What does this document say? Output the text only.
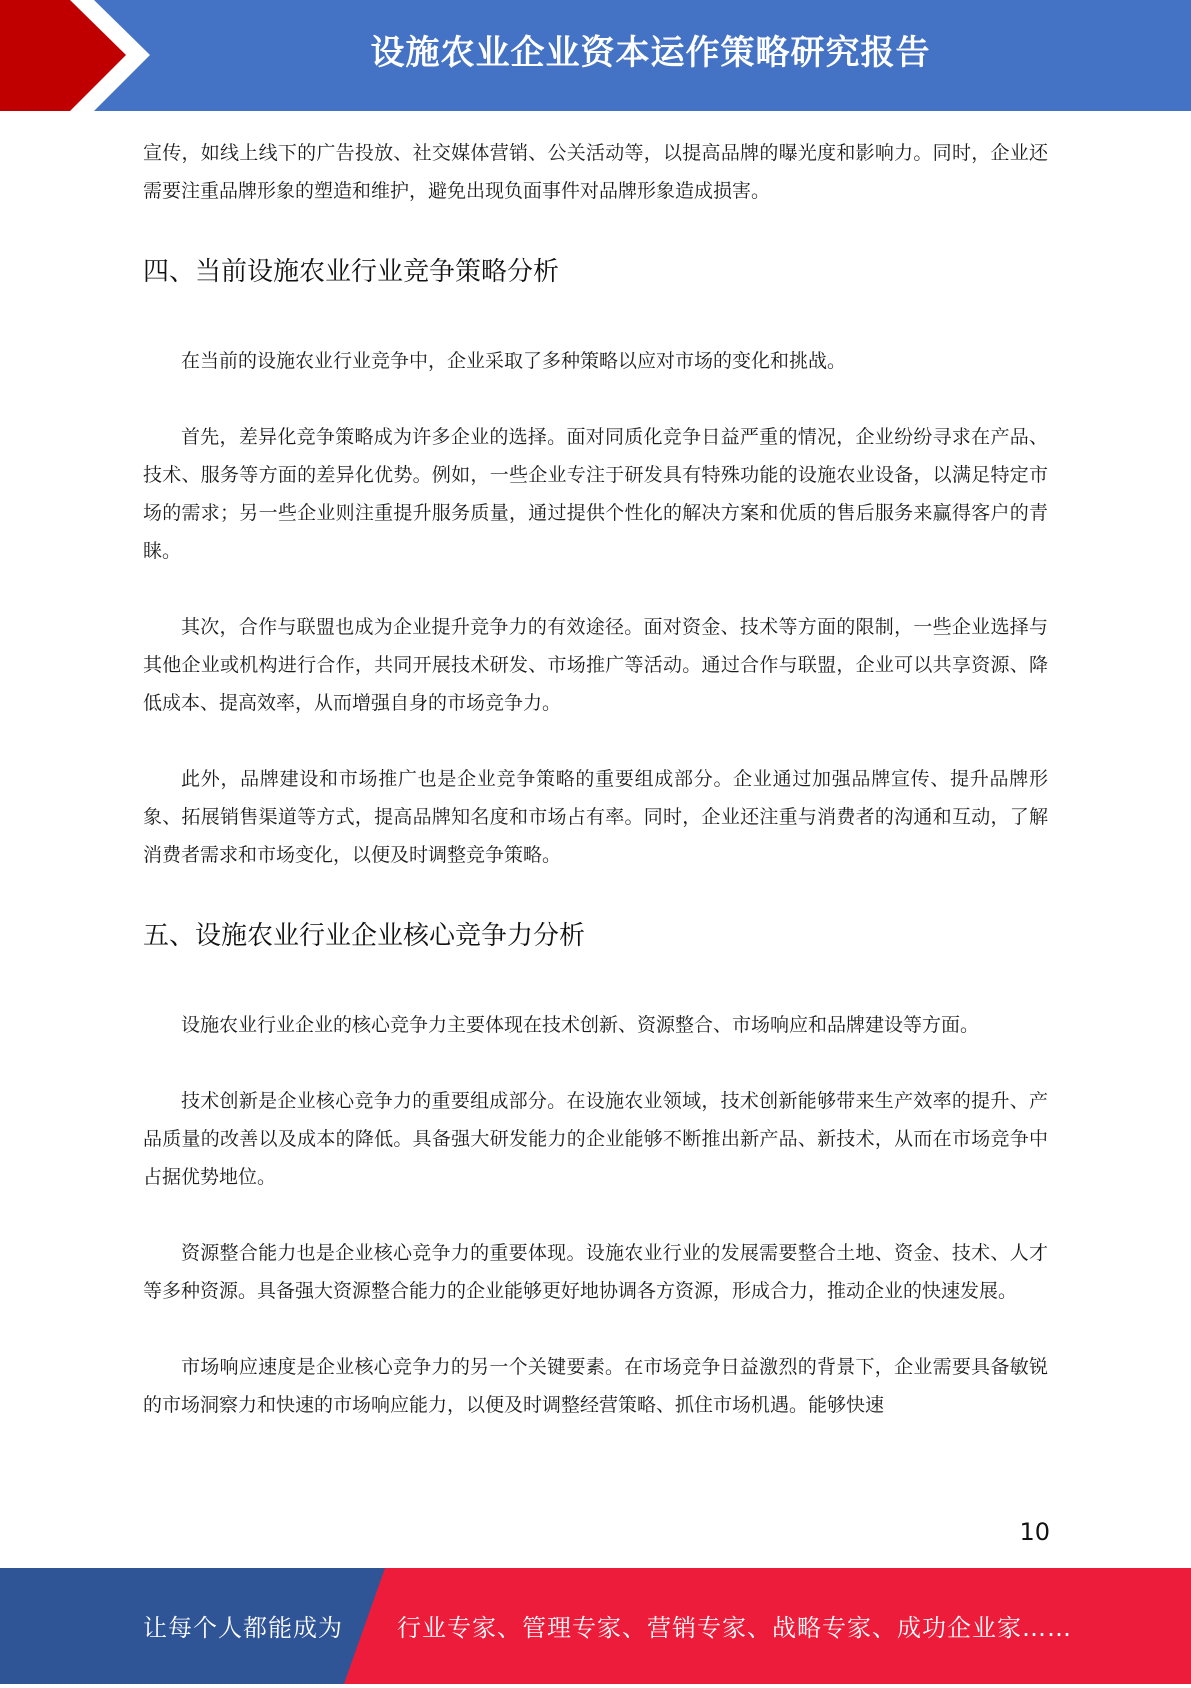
设施农业企业资本运作策略研究报告

宣传，如线上线下的广告投放、社交媒体营销、公关活动等，以提高品牌的曝光度和影响力。同时，企业还需要注重品牌形象的塑造和维护，避免出现负面事件对品牌形象造成损害。

四、当前设施农业行业竞争策略分析

在当前的设施农业行业竞争中，企业采取了多种策略以应对市场的变化和挑战。

首先，差异化竞争策略成为许多企业的选择。面对同质化竞争日益严重的情况，企业纷纷寻求在产品、技术、服务等方面的差异化优势。例如，一些企业专注于研发具有特殊功能的设施农业设备，以满足特定市场的需求；另一些企业则注重提升服务质量，通过提供个性化的解决方案和优质的售后服务来赢得客户的青睐。

其次，合作与联盟也成为企业提升竞争力的有效途径。面对资金、技术等方面的限制，一些企业选择与其他企业或机构进行合作，共同开展技术研发、市场推广等活动。通过合作与联盟，企业可以共享资源、降低成本、提高效率，从而增强自身的市场竞争力。

此外，品牌建设和市场推广也是企业竞争策略的重要组成部分。企业通过加强品牌宣传、提升品牌形象、拓展销售渠道等方式，提高品牌知名度和市场占有率。同时，企业还注重与消费者的沟通和互动，了解消费者需求和市场变化，以便及时调整竞争策略。

五、设施农业行业企业核心竞争力分析

设施农业行业企业的核心竞争力主要体现在技术创新、资源整合、市场响应和品牌建设等方面。

技术创新是企业核心竞争力的重要组成部分。在设施农业领域，技术创新能够带来生产效率的提升、产品质量的改善以及成本的降低。具备强大研发能力的企业能够不断推出新产品、新技术，从而在市场竞争中占据优势地位。

资源整合能力也是企业核心竞争力的重要体现。设施农业行业的发展需要整合土地、资金、技术、人才等多种资源。具备强大资源整合能力的企业能够更好地协调各方资源，形成合力，推动企业的快速发展。

市场响应速度是企业核心竞争力的另一个关键要素。在市场竞争日益激烈的背景下，企业需要具备敏锐的市场洞察力和快速的市场响应能力，以便及时调整经营策略、抓住市场机遇。能够快速

10
让每个人都能成为 行业专家、管理专家、营销专家、战略专家、成功企业家……
